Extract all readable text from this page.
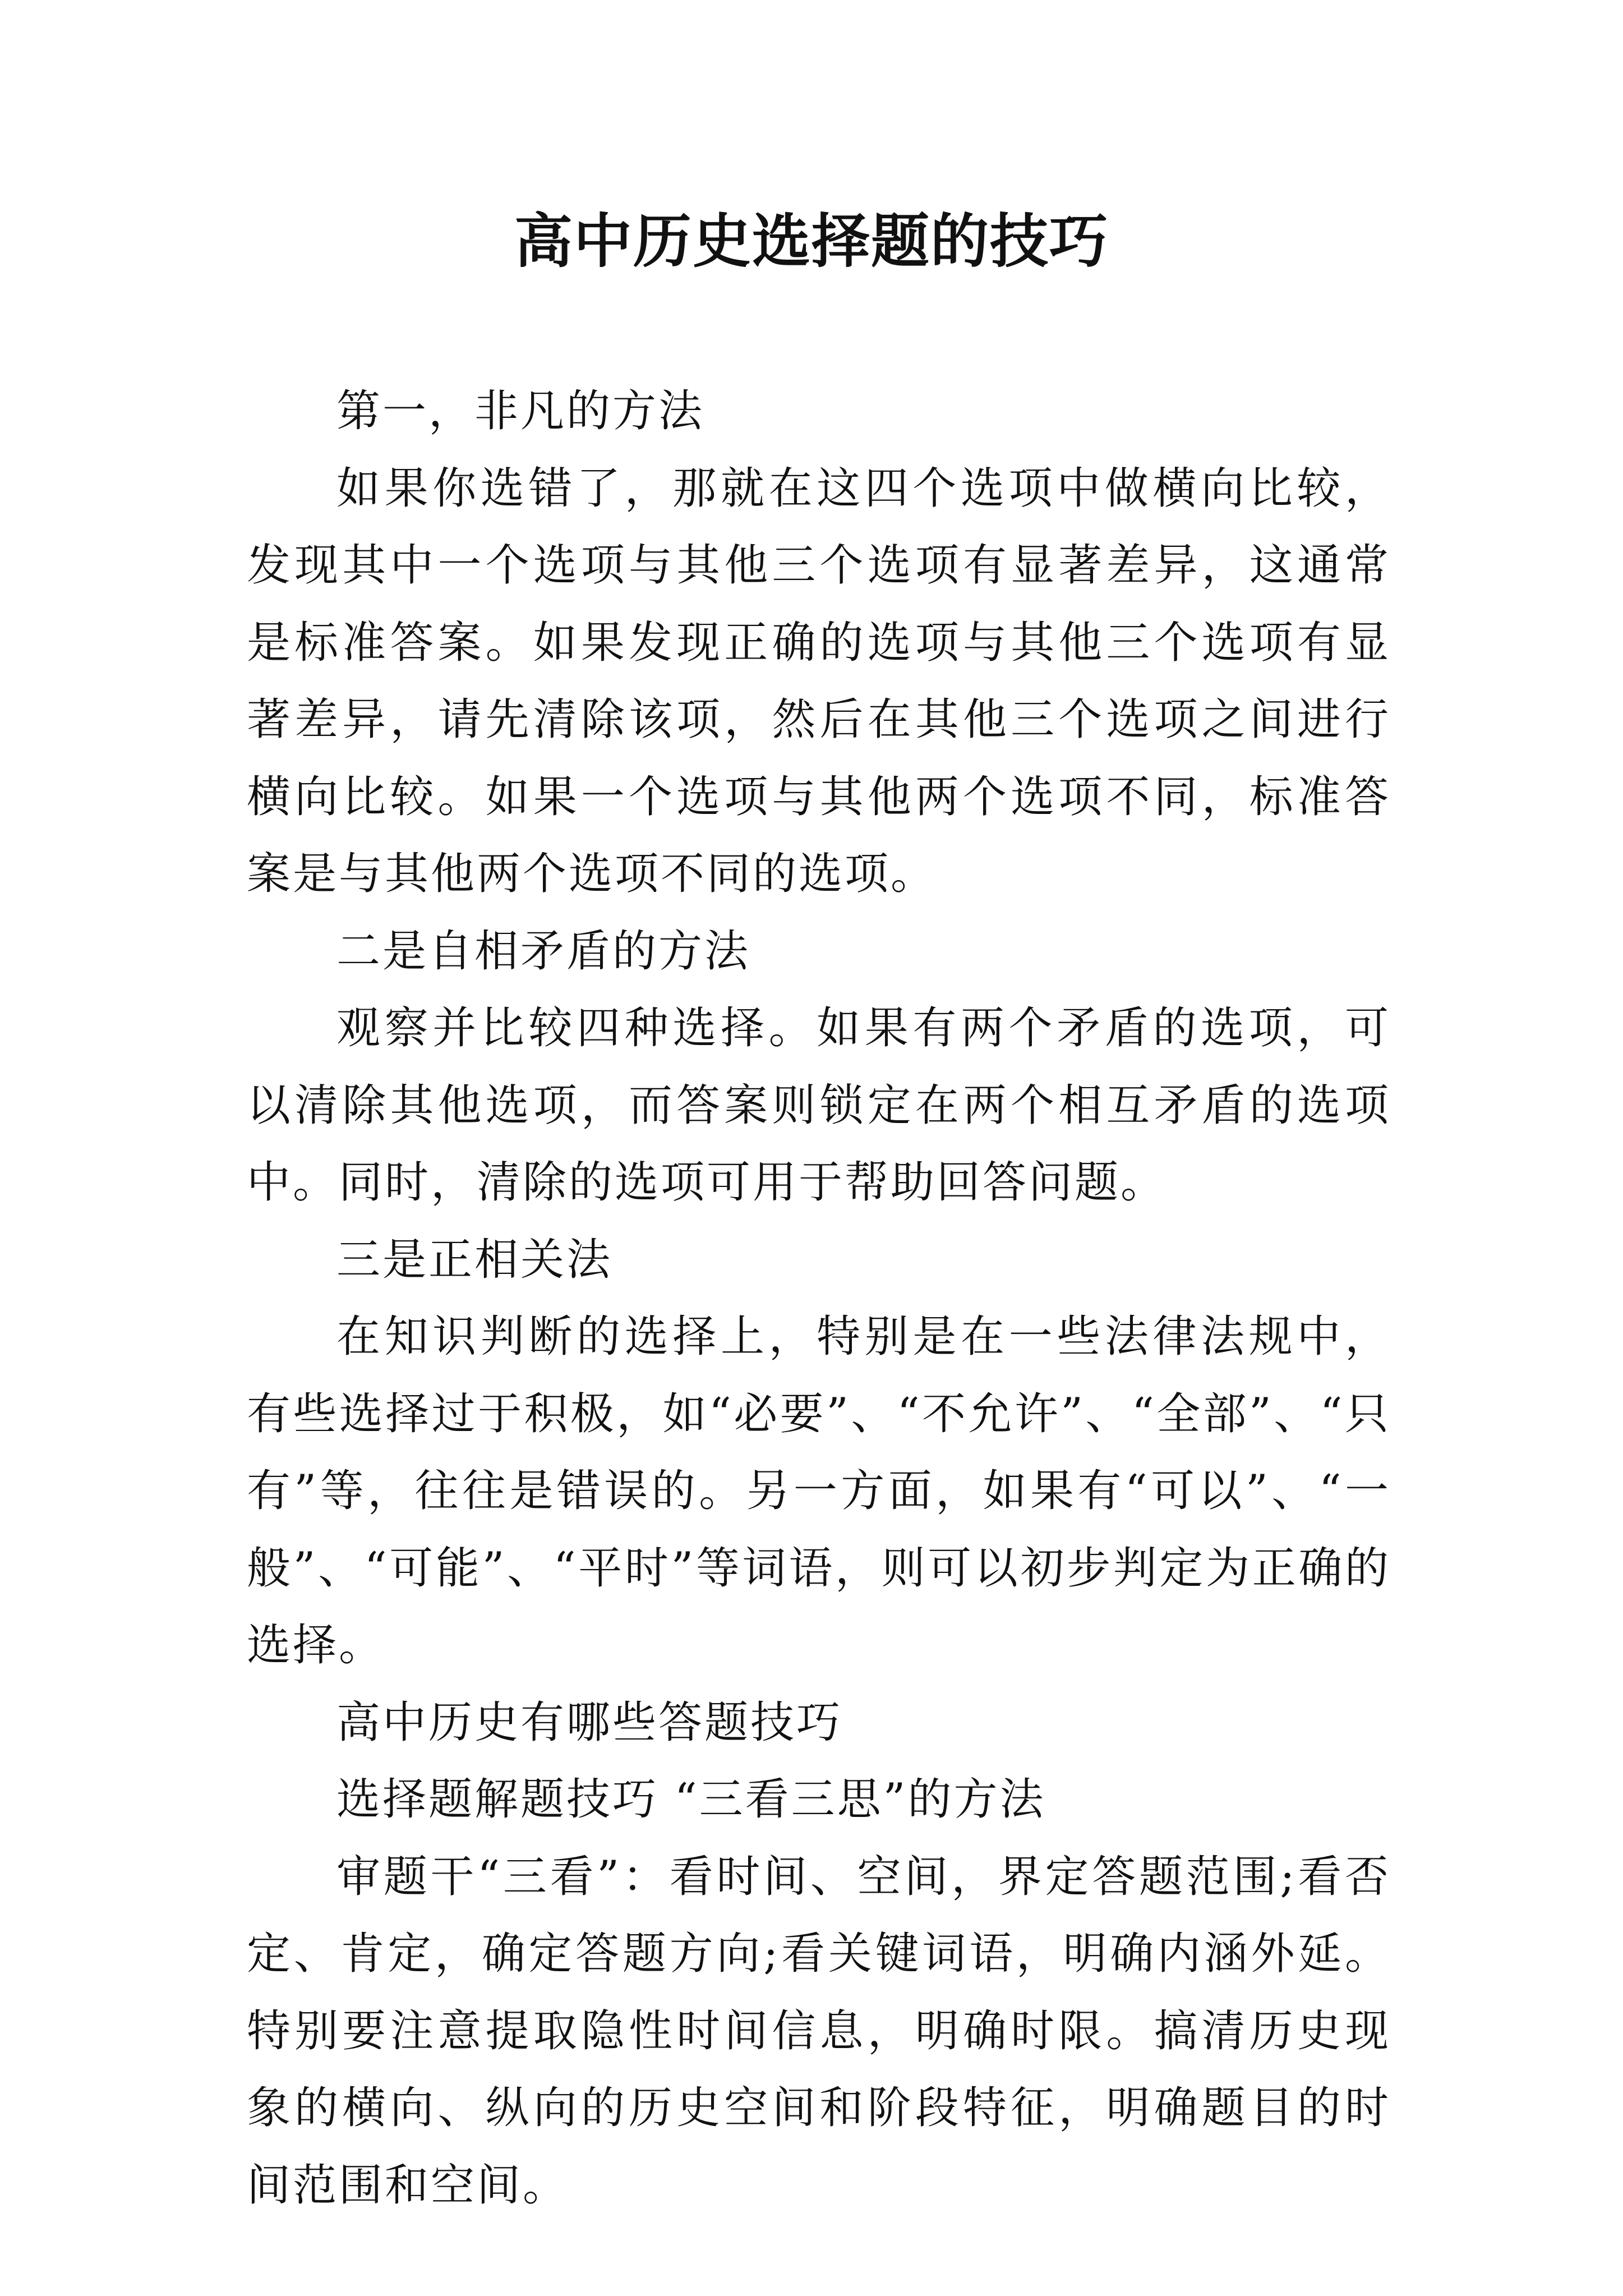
高中历史选择题的技巧

第一，非凡的方法

如果你选错了，那就在这四个选项中做横向比较，发现其中一个选项与其他三个选项有显著差异，这通常是标准答案。如果发现正确的选项与其他三个选项有显著差异，请先清除该项，然后在其他三个选项之间进行横向比较。如果一个选项与其他两个选项不同，标准答案是与其他两个选项不同的选项。

二是自相矛盾的方法

观察并比较四种选择。如果有两个矛盾的选项，可以清除其他选项，而答案则锁定在两个相互矛盾的选项中。同时，清除的选项可用于帮助回答问题。

三是正相关法

在知识判断的选择上，特别是在一些法律法规中，有些选择过于积极，如“必要”、“不允许”、“全部”、“只有”等，往往是错误的。另一方面，如果有“可以”、“一般”、“可能”、“平时”等词语，则可以初步判定为正确的选择。

高中历史有哪些答题技巧

选择题解题技巧 “三看三思”的方法

审题干“三看”：看时间、空间，界定答题范围;看否定、肯定，确定答题方向;看关键词语，明确内涵外延。特别要注意提取隐性时间信息，明确时限。搞清历史现象的横向、纵向的历史空间和阶段特征，明确题目的时间范围和空间。
